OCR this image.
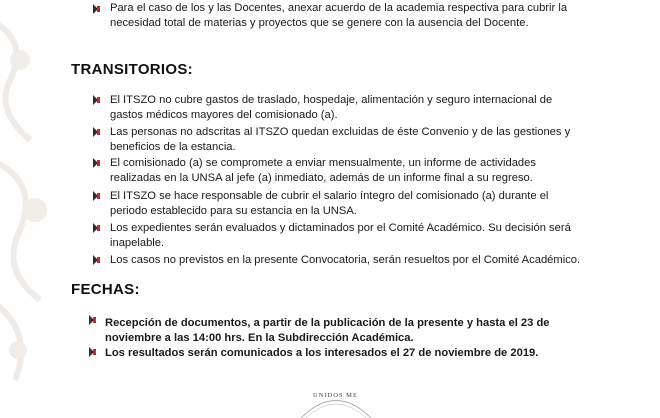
Para el caso de los y las Docentes, anexar acuerdo de la academia respectiva para cubrir la
necesidad total de materias y proyectos que se genere con la ausencia del Docente.
TRANSITORIOS:
El ITSZO no cubre gastos de traslado, hospedaje, alimentación y seguro internacional de
gastos médicos mayores del comisionado (a).
Las personas no adscritas al ITSZO quedan excluidas de éste Convenio y de las gestiones y
beneficios de la estancia.
El comisionado (a) se compromete a enviar mensualmente, un informe de actividades
realizadas en la UNSA al jefe (a) inmediato, además de un informe final a su regreso.
El ITSZO se hace responsable de cubrir el salario íntegro del comisionado (a) durante el
periodo establecido para su estancia en la UNSA.
Los expedientes serán evaluados y dictaminados por el Comité Académico. Su decisión será
inapelable.
Los casos no previstos en la presente Convocatoria, serán resueltos por el Comité Académico.
FECHAS:
Recepción de documentos, a partir de la publicación de la presente y hasta el 23 de
noviembre a las 14:00 hrs. En la Subdirección Académica.
Los resultados serán comunicados a los interesados el 27 de noviembre de 2019.
UNIDOS ME
